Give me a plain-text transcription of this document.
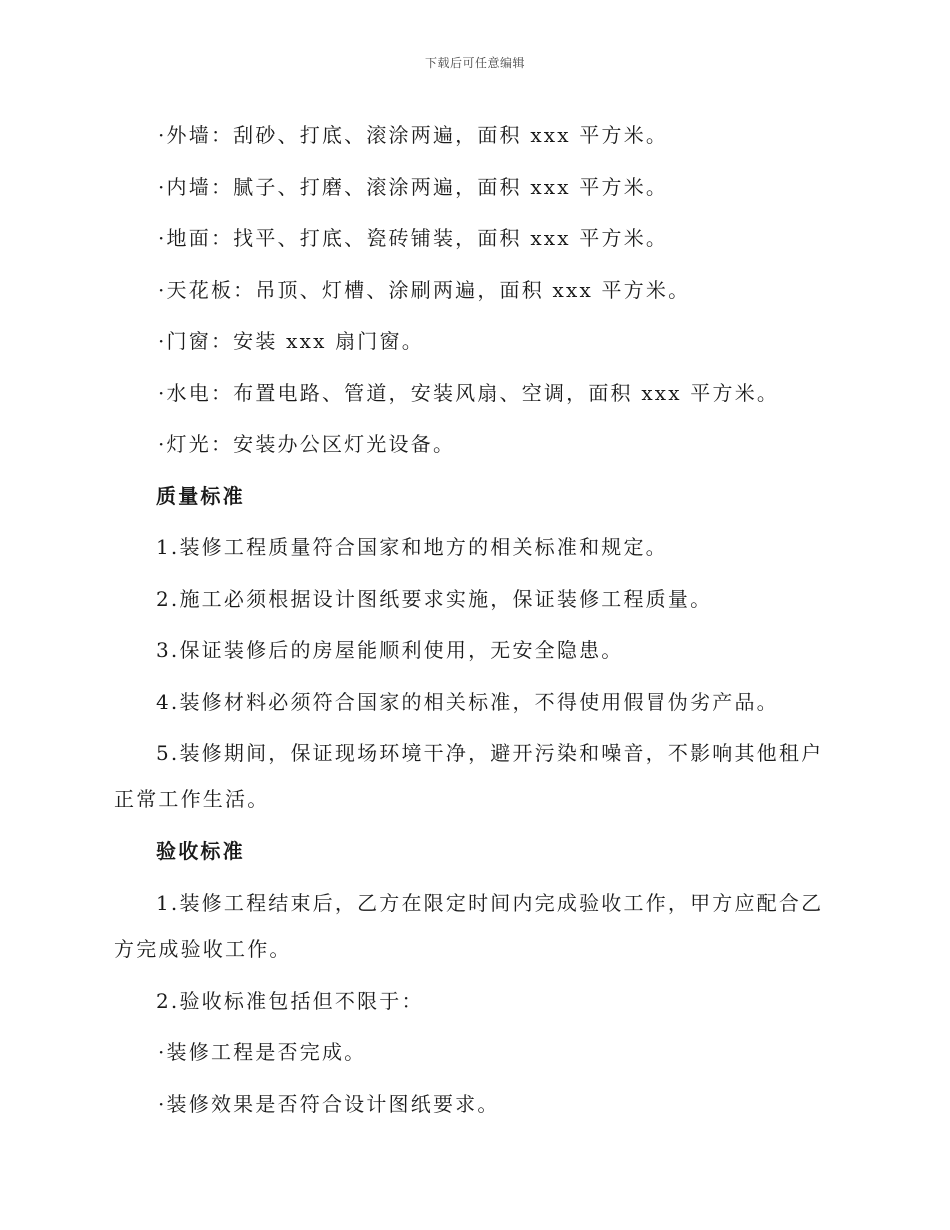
下载后可任意编辑

·外墙：刮砂、打底、滚涂两遍，面积 xxx 平方米。

·内墙：腻子、打磨、滚涂两遍，面积 xxx 平方米。

·地面：找平、打底、瓷砖铺装，面积 xxx 平方米。

·天花板：吊顶、灯槽、涂刷两遍，面积 xxx 平方米。

·门窗：安装 xxx 扇门窗。

·水电：布置电路、管道，安装风扇、空调，面积 xxx 平方米。

·灯光：安装办公区灯光设备。

质量标准

1.装修工程质量符合国家和地方的相关标准和规定。

2.施工必须根据设计图纸要求实施，保证装修工程质量。

3.保证装修后的房屋能顺利使用，无安全隐患。

4.装修材料必须符合国家的相关标准，不得使用假冒伪劣产品。

5.装修期间，保证现场环境干净，避开污染和噪音，不影响其他租户正常工作生活。

验收标准

1.装修工程结束后，乙方在限定时间内完成验收工作，甲方应配合乙方完成验收工作。

2.验收标准包括但不限于：

·装修工程是否完成。

·装修效果是否符合设计图纸要求。
